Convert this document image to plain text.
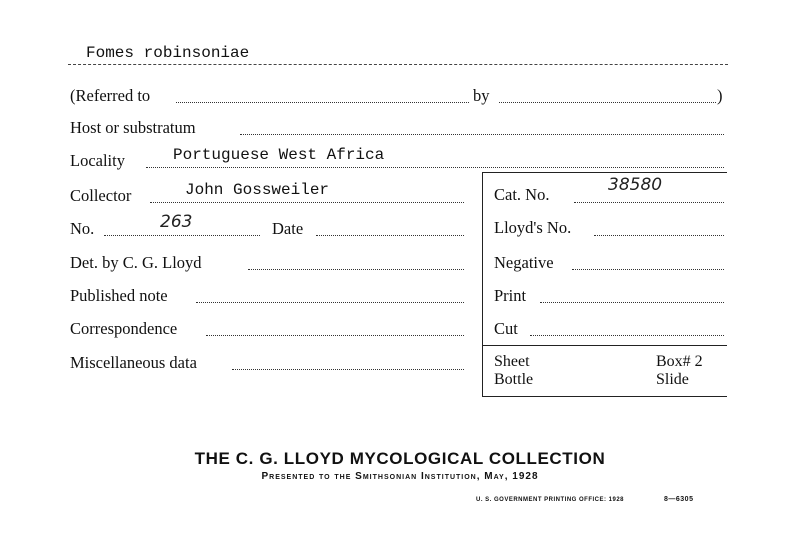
Fomes robinsoniae
(Referred to	by	)
Host or substratum
Locality	Portuguese West Africa
Collector	John Gossweiler
No.	263	Date
Det. by C. G. Lloyd
Published note
Correspondence
Miscellaneous data
Cat. No.	38580
Lloyd's No.
Negative
Print
Cut
Sheet	Box# 2
Bottle	Slide
THE C. G. LLOYD MYCOLOGICAL COLLECTION
Presented to the Smithsonian Institution, May, 1928
U. S. GOVERNMENT PRINTING OFFICE: 1928	8—6305
